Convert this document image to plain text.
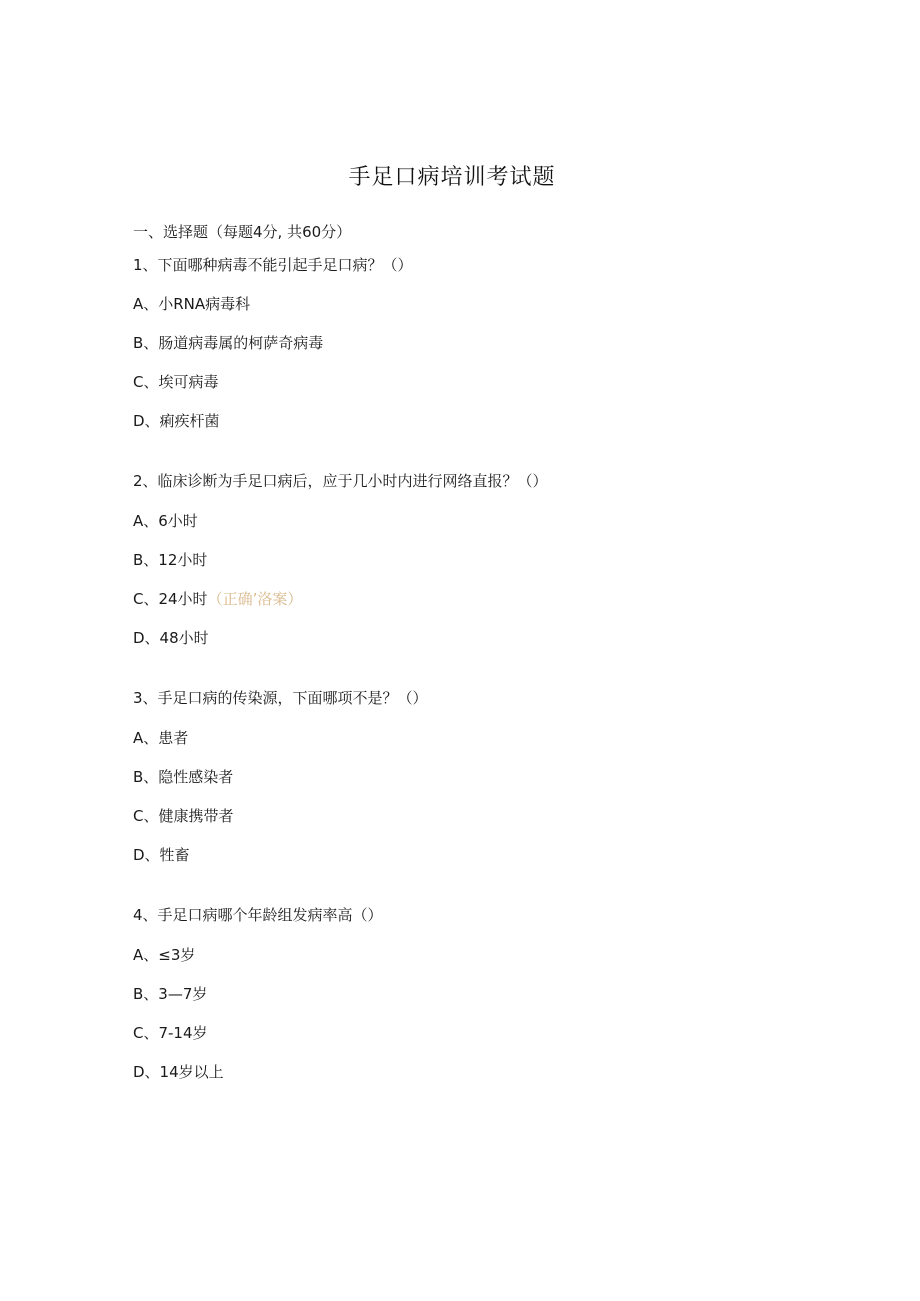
手足口病培训考试题
一、选择题（每题4分, 共60分）
1、下面哪种病毒不能引起手足口病？（）
A、小RNA病毒科
B、肠道病毒属的柯萨奇病毒
C、埃可病毒
D、痢疾杆菌
2、临床诊断为手足口病后，应于几小时内进行网络直报？（）
A、6小时
B、12小时
C、24小时（正确’洛案）
D、48小时
3、手足口病的传染源，下面哪项不是？（）
A、患者
B、隐性感染者
C、健康携带者
D、牲畜
4、手足口病哪个年龄组发病率高（）
A、≤3岁
B、3—7岁
C、7-14岁
D、14岁以上
